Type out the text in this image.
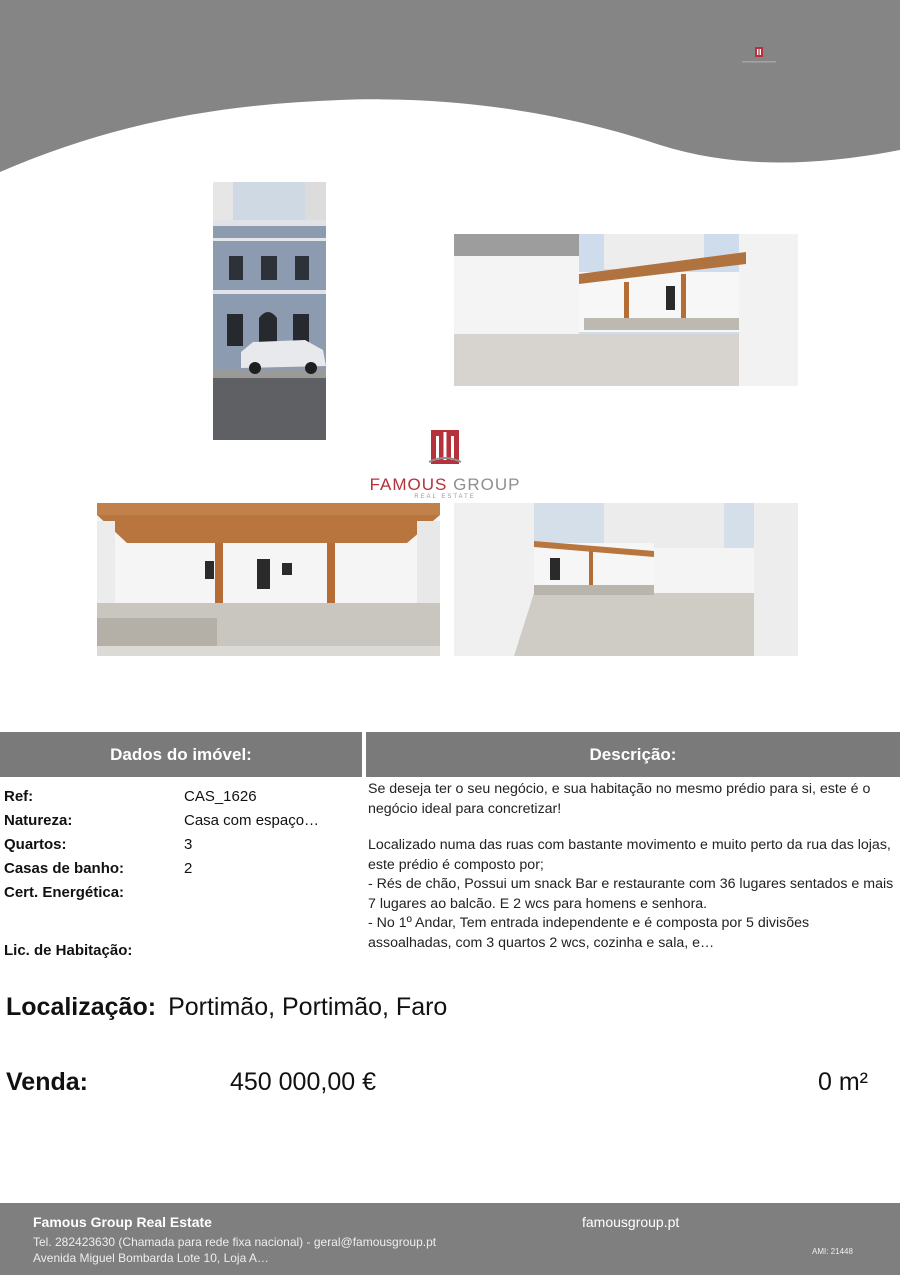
FAMOUS GROUP
REAL ESTATE
Dados do imóvel:	Descrição:
Ref:	CAS_1626
Natureza:	Casa com espaço…
Quartos:	3
Casas de banho:	2
Cert. Energética:
Lic. de Habitação:

Se deseja ter o seu negócio, e sua habitação no mesmo prédio para si, este é o negócio ideal para concretizar!

Localizado numa das ruas com bastante movimento e muito perto da rua das lojas, este prédio é composto por;
- Rés de chão, Possui um snack Bar e restaurante com 36 lugares sentados e mais 7 lugares ao balcão. E 2 wcs para homens e senhora.
- No 1º Andar, Tem entrada independente e é composta por 5 divisões assoalhadas, com 3 quartos 2 wcs, cozinha e sala, e…

Localização: Portimão, Portimão, Faro
Venda:	450 000,00 €	0 m²
Famous Group Real Estate	famousgroup.pt
Tel. 282423630 (Chamada para rede fixa nacional) - geral@famousgroup.pt
Avenida Miguel Bombarda Lote 10, Loja A…	AMI: 21448
